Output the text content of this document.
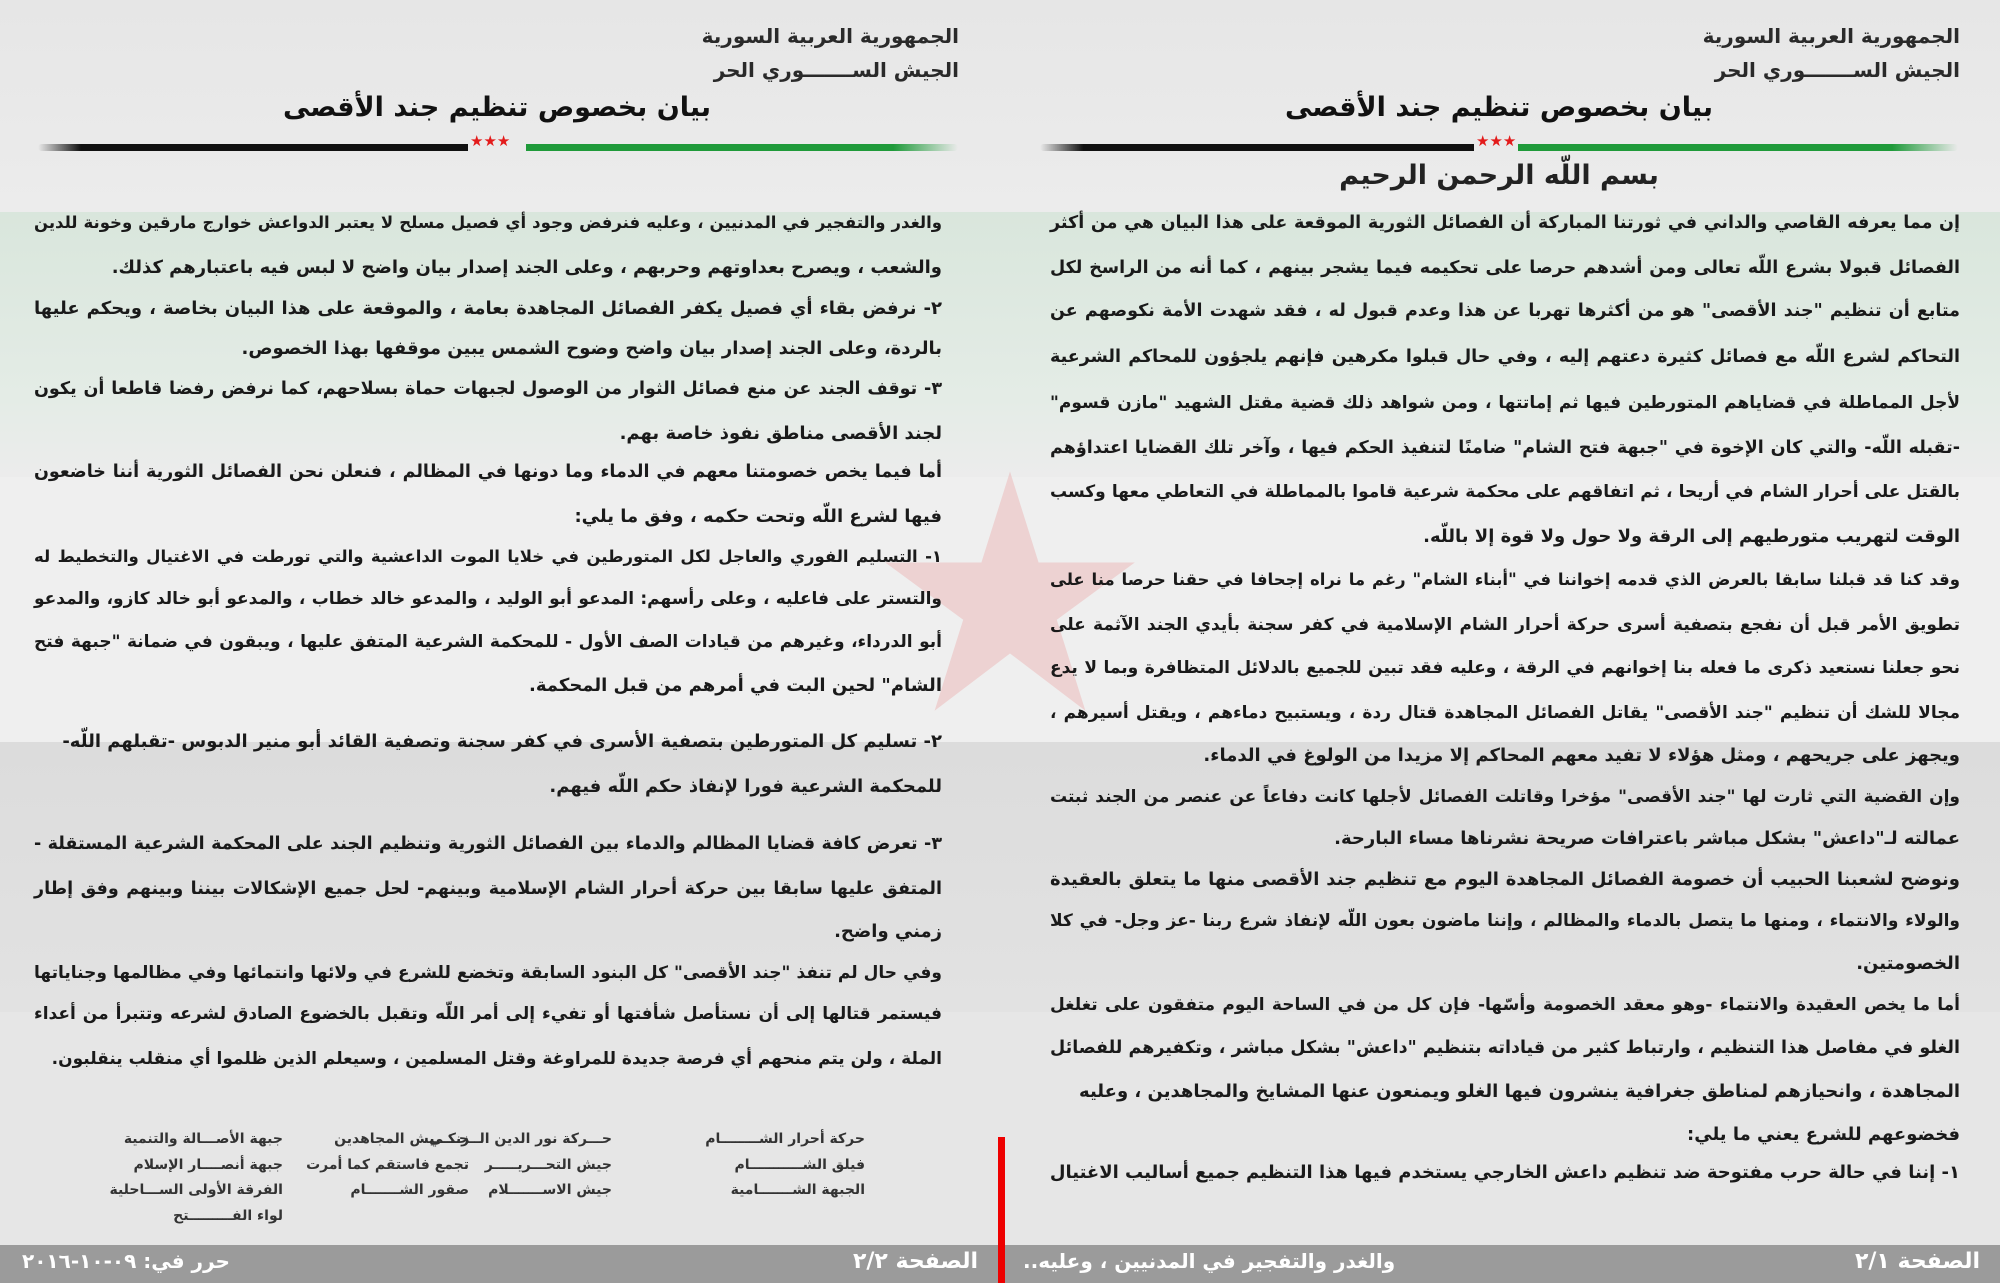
الجمهورية العربية السورية
الجيش الســـــــوري الحر
بيان بخصوص تنظيم جند الأقصى
★★★
والغدر والتفجير في المدنيين ، وعليه فنرفض وجود أي فصيل مسلح لا يعتبر الدواعش خوارج مارقين وخونة للدين
والشعب ، ويصرح بعداوتهم وحربهم ، وعلى الجند إصدار بيان واضح لا لبس فيه باعتبارهم كذلك.
٢- نرفض بقاء أي فصيل يكفر الفصائل المجاهدة بعامة ، والموقعة على هذا البيان بخاصة ، ويحكم عليها
بالردة، وعلى الجند إصدار بيان واضح وضوح الشمس يبين موقفها بهذا الخصوص.
٣- توقف الجند عن منع فصائل الثوار من الوصول لجبهات حماة بسلاحهم، كما نرفض رفضا قاطعا أن يكون
لجند الأقصى مناطق نفوذ خاصة بهم.
أما فيما يخص خصومتنا معهم في الدماء وما دونها في المظالم ، فنعلن نحن الفصائل الثورية أننا خاضعون
فيها لشرع اللّه وتحت حكمه ، وفق ما يلي:
١- التسليم الفوري والعاجل لكل المتورطين في خلايا الموت الداعشية والتي تورطت في الاغتيال والتخطيط له
والتستر على فاعليه ، وعلى رأسهم: المدعو أبو الوليد ، والمدعو خالد خطاب ، والمدعو أبو خالد كازو، والمدعو
أبو الدرداء، وغيرهم من قيادات الصف الأول - للمحكمة الشرعية المتفق عليها ، ويبقون في ضمانة "جبهة فتح
الشام" لحين البت في أمرهم من قبل المحكمة.
٢- تسليم كل المتورطين بتصفية الأسرى في كفر سجنة وتصفية القائد أبو منير الدبوس -تقبلهم اللّه-
للمحكمة الشرعية فورا لإنفاذ حكم اللّه فيهم.
٣- تعرض كافة قضايا المظالم والدماء بين الفصائل الثورية وتنظيم الجند على المحكمة الشرعية المستقلة -
المتفق عليها سابقا بين حركة أحرار الشام الإسلامية وبينهم- لحل جميع الإشكالات بيننا وبينهم وفق إطار
زمني واضح.
وفي حال لم تنفذ "جند الأقصى" كل البنود السابقة وتخضع للشرع في ولائها وانتمائها وفي مظالمها وجناياتها
فيستمر قتالها إلى أن نستأصل شأفتها أو تفيء إلى أمر اللّه وتقبل بالخضوع الصادق لشرعه وتتبرأ من أعداء
الملة ، ولن يتم منحهم أي فرصة جديدة للمراوغة وقتل المسلمين ، وسيعلم الذين ظلموا أي منقلب ينقلبون.
حركة أحرار الشــــــــام
فيلق الشـــــــــــام
الجبهة الشـــــــامية
حـــركة نور الدين الــزنكـي
جيش التحـــريـــــر
جيش الاســـــــلام
جـــــيش المجاهدين
تجمع فاستقم كما أمرت
صقور الشـــــــام
جبهة الأصـــالة والتنمية
جبهة أنصــــار الإسلام
الفرقة الأولى الســـاحلية
لواء الفـــــــــتح
الصفحة ٢/٢
حرر في: ٠٩-١٠-٢٠١٦
الجمهورية العربية السورية
الجيش الســـــــوري الحر
بيان بخصوص تنظيم جند الأقصى
★★★
بسم اللّه الرحمن الرحيم
إن مما يعرفه القاصي والداني في ثورتنا المباركة أن الفصائل الثورية الموقعة على هذا البيان هي من أكثر
الفصائل قبولا بشرع اللّه تعالى ومن أشدهم حرصا على تحكيمه فيما يشجر بينهم ، كما أنه من الراسخ لكل
متابع أن تنظيم "جند الأقصى" هو من أكثرها تهربا عن هذا وعدم قبول له ، فقد شهدت الأمة نكوصهم عن
التحاكم لشرع اللّه مع فصائل كثيرة دعتهم إليه ، وفي حال قبلوا مكرهين فإنهم يلجؤون للمحاكم الشرعية
لأجل المماطلة في قضاياهم المتورطين فيها ثم إماتتها ، ومن شواهد ذلك قضية مقتل الشهيد "مازن قسوم"
-تقبله اللّه- والتي كان الإخوة في "جبهة فتح الشام" ضامنًا لتنفيذ الحكم فيها ، وآخر تلك القضايا اعتداؤهم
بالقتل على أحرار الشام في أريحا ، ثم اتفاقهم على محكمة شرعية قاموا بالمماطلة في التعاطي معها وكسب
الوقت لتهريب متورطيهم إلى الرقة ولا حول ولا قوة إلا باللّه.
وقد كنا قد قبلنا سابقا بالعرض الذي قدمه إخواننا في "أبناء الشام" رغم ما نراه إجحافا في حقنا حرصا منا على
تطويق الأمر قبل أن نفجع بتصفية أسرى حركة أحرار الشام الإسلامية في كفر سجنة بأيدي الجند الآثمة على
نحو جعلنا نستعيد ذكرى ما فعله بنا إخوانهم في الرقة ، وعليه فقد تبين للجميع بالدلائل المتظافرة وبما لا يدع
مجالا للشك أن تنظيم "جند الأقصى" يقاتل الفصائل المجاهدة قتال ردة ، ويستبيح دماءهم ، ويقتل أسيرهم ،
ويجهز على جريحهم ، ومثل هؤلاء لا تفيد معهم المحاكم إلا مزيدا من الولوغ في الدماء.
وإن القضية التي ثارت لها "جند الأقصى" مؤخرا وقاتلت الفصائل لأجلها كانت دفاعاً عن عنصر من الجند ثبتت
عمالته لـ"داعش" بشكل مباشر باعترافات صريحة نشرناها مساء البارحة.
ونوضح لشعبنا الحبيب أن خصومة الفصائل المجاهدة اليوم مع تنظيم جند الأقصى منها ما يتعلق بالعقيدة
والولاء والانتماء ، ومنها ما يتصل بالدماء والمظالم ، وإننا ماضون بعون اللّه لإنفاذ شرع ربنا -عز وجل- في كلا
الخصومتين.
أما ما يخص العقيدة والانتماء -وهو معقد الخصومة وأسّها- فإن كل من في الساحة اليوم متفقون على تغلغل
الغلو في مفاصل هذا التنظيم ، وارتباط كثير من قياداته بتنظيم "داعش" بشكل مباشر ، وتكفيرهم للفصائل
المجاهدة ، وانحيازهم لمناطق جغرافية ينشرون فيها الغلو ويمنعون عنها المشايخ والمجاهدين ، وعليه
فخضوعهم للشرع يعني ما يلي:
١- إننا في حالة حرب مفتوحة ضد تنظيم داعش الخارجي يستخدم فيها هذا التنظيم جميع أساليب الاغتيال
الصفحة ٢/١
والغدر والتفجير في المدنيين ، وعليه..
